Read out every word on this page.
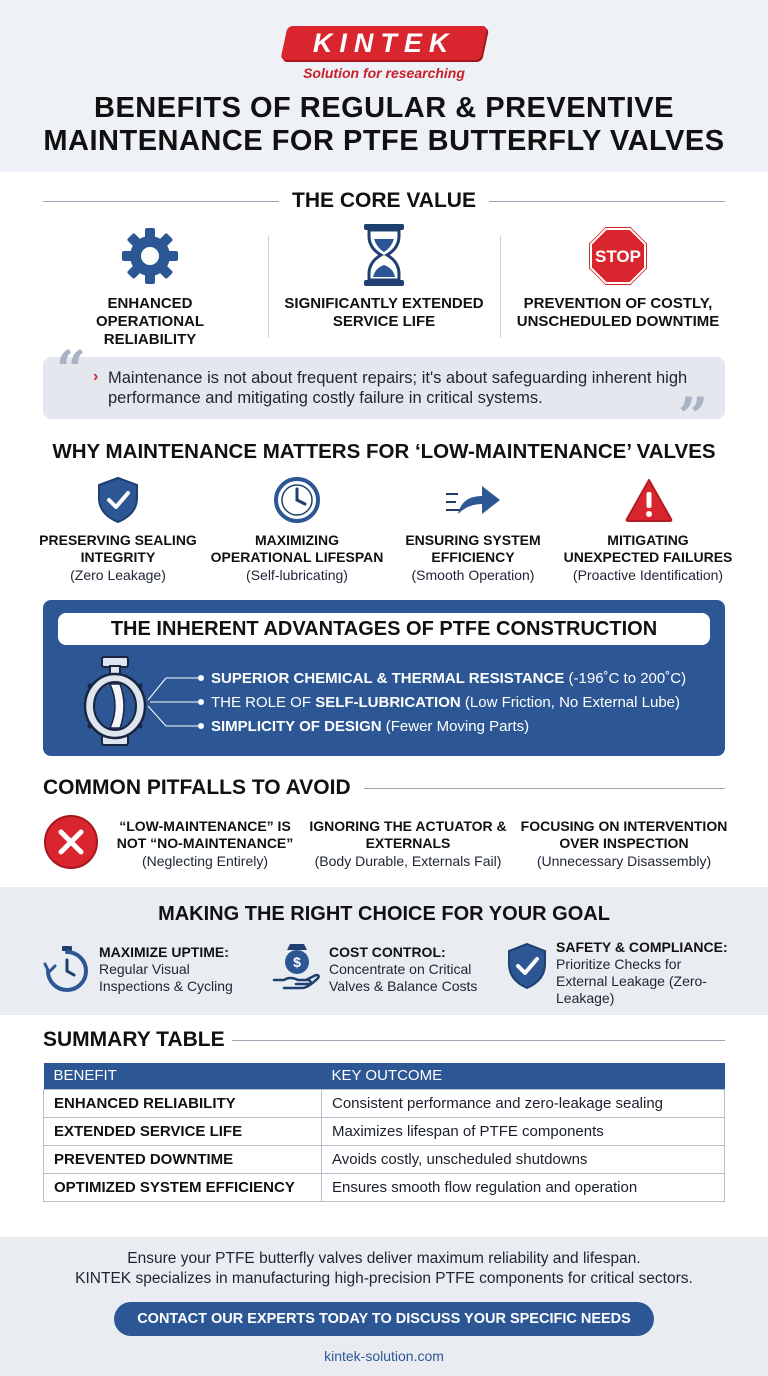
KINTEK
Solution for researching
BENEFITS OF REGULAR & PREVENTIVE MAINTENANCE FOR PTFE BUTTERFLY VALVES
THE CORE VALUE
ENHANCED OPERATIONAL RELIABILITY
SIGNIFICANTLY EXTENDED SERVICE LIFE
STOP
PREVENTION OF COSTLY, UNSCHEDULED DOWNTIME
“ › Maintenance is not about frequent repairs; it's about safeguarding inherent high performance and mitigating costly failure in critical systems.	”
WHY MAINTENANCE MATTERS FOR ‘LOW-MAINTENANCE’ VALVES
PRESERVING SEALING INTEGRITY
(Zero Leakage)
MAXIMIZING OPERATIONAL LIFESPAN
(Self-lubricating)
ENSURING SYSTEM EFFICIENCY
(Smooth Operation)
MITIGATING UNEXPECTED FAILURES
(Proactive Identification)
THE INHERENT ADVANTAGES OF PTFE CONSTRUCTION
SUPERIOR CHEMICAL & THERMAL RESISTANCE (-196˚C to 200˚C)
THE ROLE OF SELF-LUBRICATION (Low Friction, No External Lube)
SIMPLICITY OF DESIGN (Fewer Moving Parts)
COMMON PITFALLS TO AVOID
“LOW-MAINTENANCE” IS NOT “NO-MAINTENANCE”
(Neglecting Entirely)
IGNORING THE ACTUATOR & EXTERNALS
(Body Durable, Externals Fail)
FOCUSING ON INTERVENTION OVER INSPECTION
(Unnecessary Disassembly)
MAKING THE RIGHT CHOICE FOR YOUR GOAL
MAXIMIZE UPTIME:
Regular Visual Inspections & Cycling
$
COST CONTROL:
Concentrate on Critical Valves & Balance Costs
SAFETY & COMPLIANCE:
Prioritize Checks for External Leakage (Zero-Leakage)
SUMMARY TABLE
BENEFIT	KEY OUTCOME
ENHANCED RELIABILITY	Consistent performance and zero-leakage sealing
EXTENDED SERVICE LIFE	Maximizes lifespan of PTFE components
PREVENTED DOWNTIME	Avoids costly, unscheduled shutdowns
OPTIMIZED SYSTEM EFFICIENCY	Ensures smooth flow regulation and operation
Ensure your PTFE butterfly valves deliver maximum reliability and lifespan.
KINTEK specializes in manufacturing high-precision PTFE components for critical sectors.
CONTACT OUR EXPERTS TODAY TO DISCUSS YOUR SPECIFIC NEEDS
kintek-solution.com
